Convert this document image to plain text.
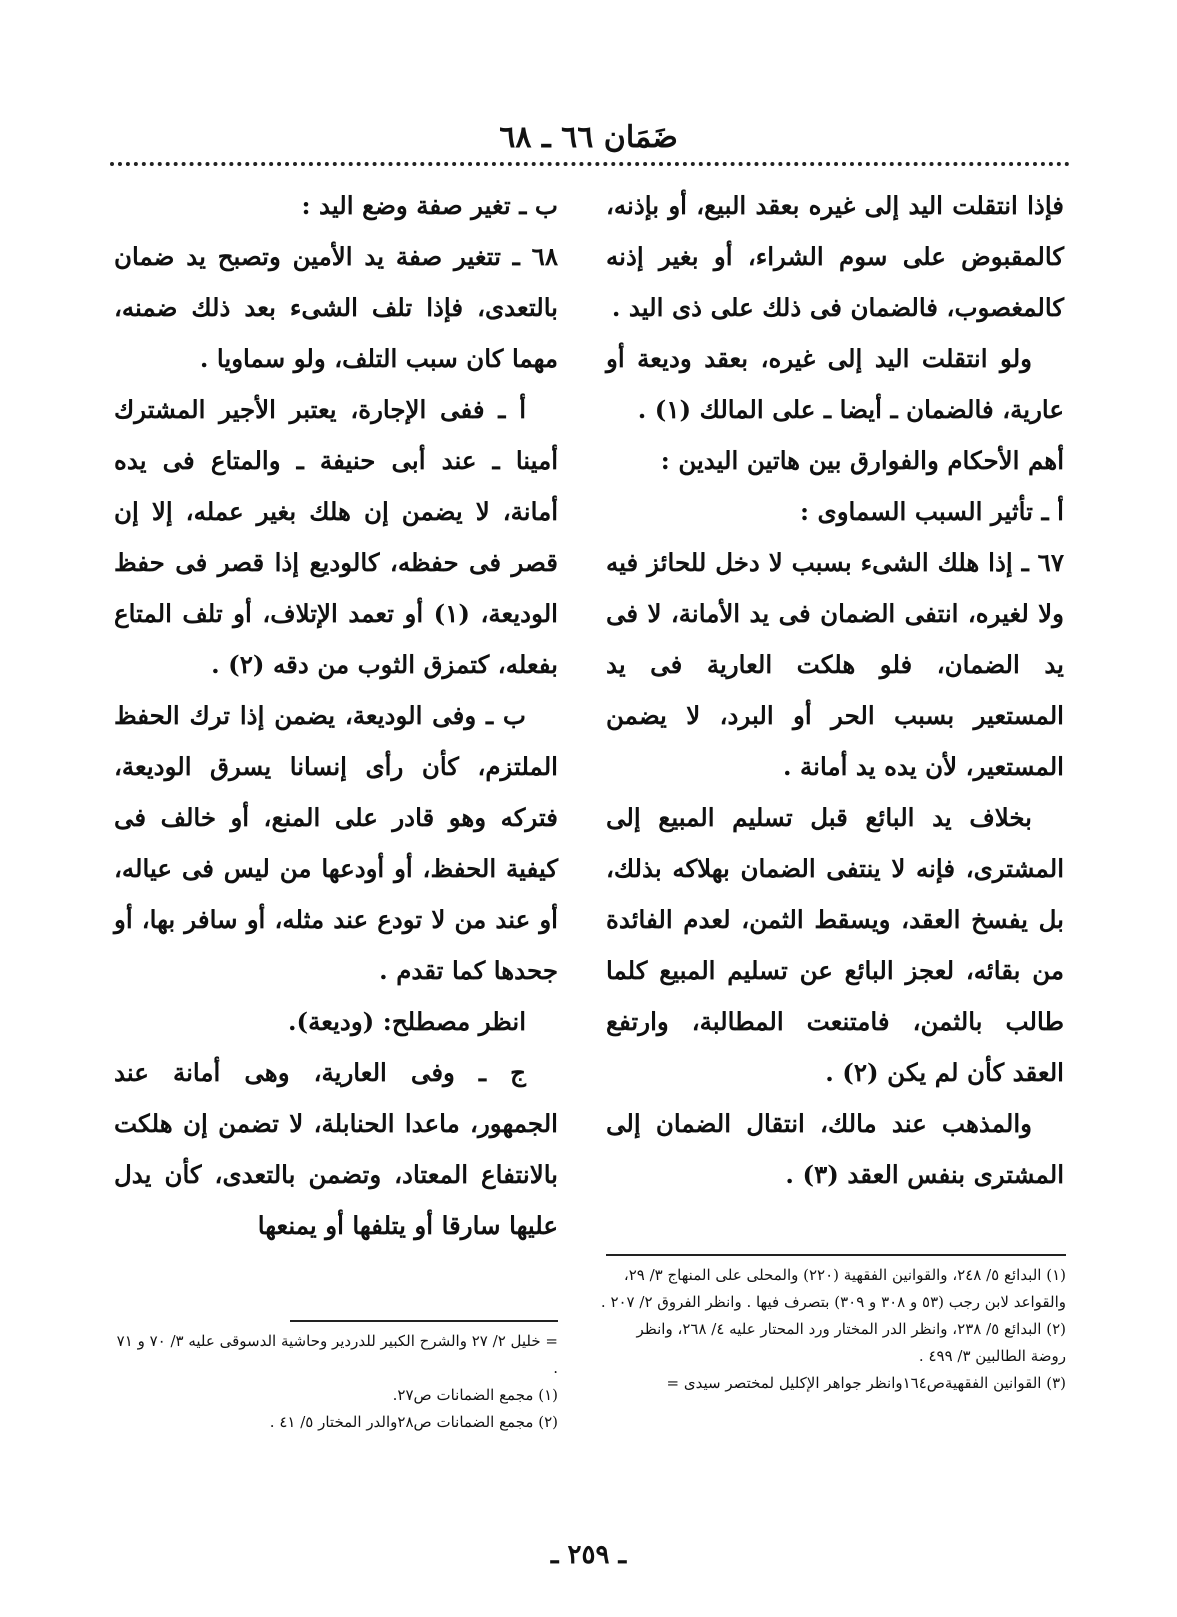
ضَمَان ٦٦ ـ ٦٨

فإذا انتقلت اليد إلى غيره بعقد البيع، أو بإذنه، كالمقبوض على سوم الشراء، أو بغير إذنه كالمغصوب، فالضمان فى ذلك على ذى اليد .

ولو انتقلت اليد إلى غيره، بعقد وديعة أو عارية، فالضمان ـ أيضا ـ على المالك (١) .

أهم الأحكام والفوارق بين هاتين اليدين :

أ ـ تأثير السبب السماوى :

٦٧ ـ إذا هلك الشىء بسبب لا دخل للحائز فيه ولا لغيره، انتفى الضمان فى يد الأمانة، لا فى يد الضمان، فلو هلكت العارية فى يد المستعير بسبب الحر أو البرد، لا يضمن المستعير، لأن يده يد أمانة .

بخلاف يد البائع قبل تسليم المبيع إلى المشترى، فإنه لا ينتفى الضمان بهلاكه بذلك، بل يفسخ العقد، ويسقط الثمن، لعدم الفائدة من بقائه، لعجز البائع عن تسليم المبيع كلما طالب بالثمن، فامتنعت المطالبة، وارتفع العقد كأن لم يكن (٢) .

والمذهب عند مالك، انتقال الضمان إلى المشترى بنفس العقد (٣) .

ب ـ تغير صفة وضع اليد :

٦٨ ـ تتغير صفة يد الأمين وتصبح يد ضمان بالتعدى، فإذا تلف الشىء بعد ذلك ضمنه، مهما كان سبب التلف، ولو سماويا .

أ ـ ففى الإجارة، يعتبر الأجير المشترك أمينا ـ عند أبى حنيفة ـ والمتاع فى يده أمانة، لا يضمن إن هلك بغير عمله، إلا إن قصر فى حفظه، كالوديع إذا قصر فى حفظ الوديعة، (١) أو تعمد الإتلاف، أو تلف المتاع بفعله، كتمزق الثوب من دقه (٢) .

ب ـ وفى الوديعة، يضمن إذا ترك الحفظ الملتزم، كأن رأى إنسانا يسرق الوديعة، فتركه وهو قادر على المنع، أو خالف فى كيفية الحفظ، أو أودعها من ليس فى عياله، أو عند من لا تودع عند مثله، أو سافر بها، أو جحدها كما تقدم .

انظر مصطلح: (وديعة).

ج ـ وفى العارية، وهى أمانة عند الجمهور، ماعدا الحنابلة، لا تضمن إن هلكت بالانتفاع المعتاد، وتضمن بالتعدى، كأن يدل عليها سارقا أو يتلفها أو يمنعها

(١) البدائع ٥/ ٢٤٨، والقوانين الفقهية (٢٢٠) والمحلى على المنهاج ٣/ ٢٩، والقواعد لابن رجب (٥٣ و ٣٠٨ و ٣٠٩) بتصرف فيها . وانظر الفروق ٢/ ٢٠٧ .

(٢) البدائع ٥/ ٢٣٨، وانظر الدر المختار ورد المحتار عليه ٤/ ٢٦٨، وانظر روضة الطالبين ٣/ ٤٩٩ .

(٣) القوانين الفقهيةص١٦٤وانظر جواهر الإكليل لمختصر سيدى =

= خليل ٢/ ٢٧ والشرح الكبير للدردير وحاشية الدسوقى عليه ٣/ ٧٠ و ٧١ .

(١) مجمع الضمانات ص٢٧.

(٢) مجمع الضمانات ص٢٨والدر المختار ٥/ ٤١ .

ـ ٢٥٩ ـ
